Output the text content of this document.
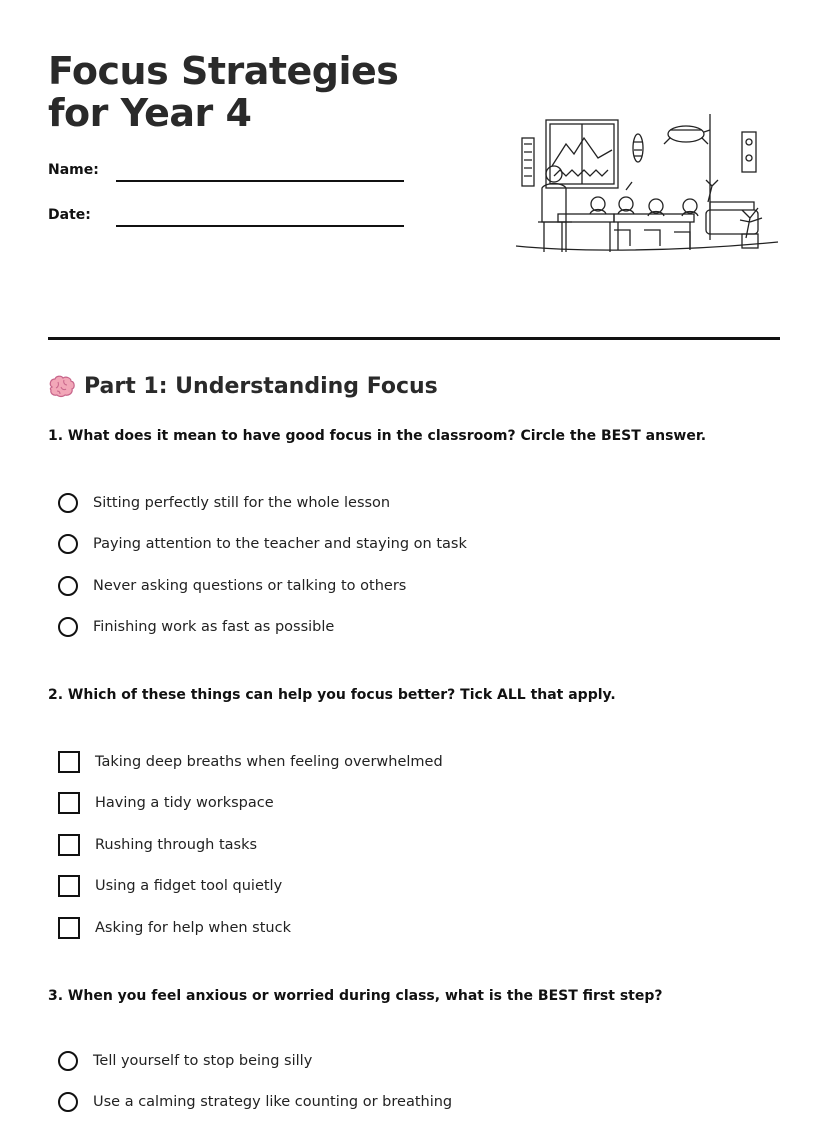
Focus Strategies for Year 4
Name:
Date:
Part 1: Understanding Focus

1. What does it mean to have good focus in the classroom? Circle the BEST answer.

Sitting perfectly still for the whole lesson
Paying attention to the teacher and staying on task
Never asking questions or talking to others
Finishing work as fast as possible

2. Which of these things can help you focus better? Tick ALL that apply.

Taking deep breaths when feeling overwhelmed
Having a tidy workspace
Rushing through tasks
Using a fidget tool quietly
Asking for help when stuck

3. When you feel anxious or worried during class, what is the BEST first step?

Tell yourself to stop being silly
Use a calming strategy like counting or breathing
